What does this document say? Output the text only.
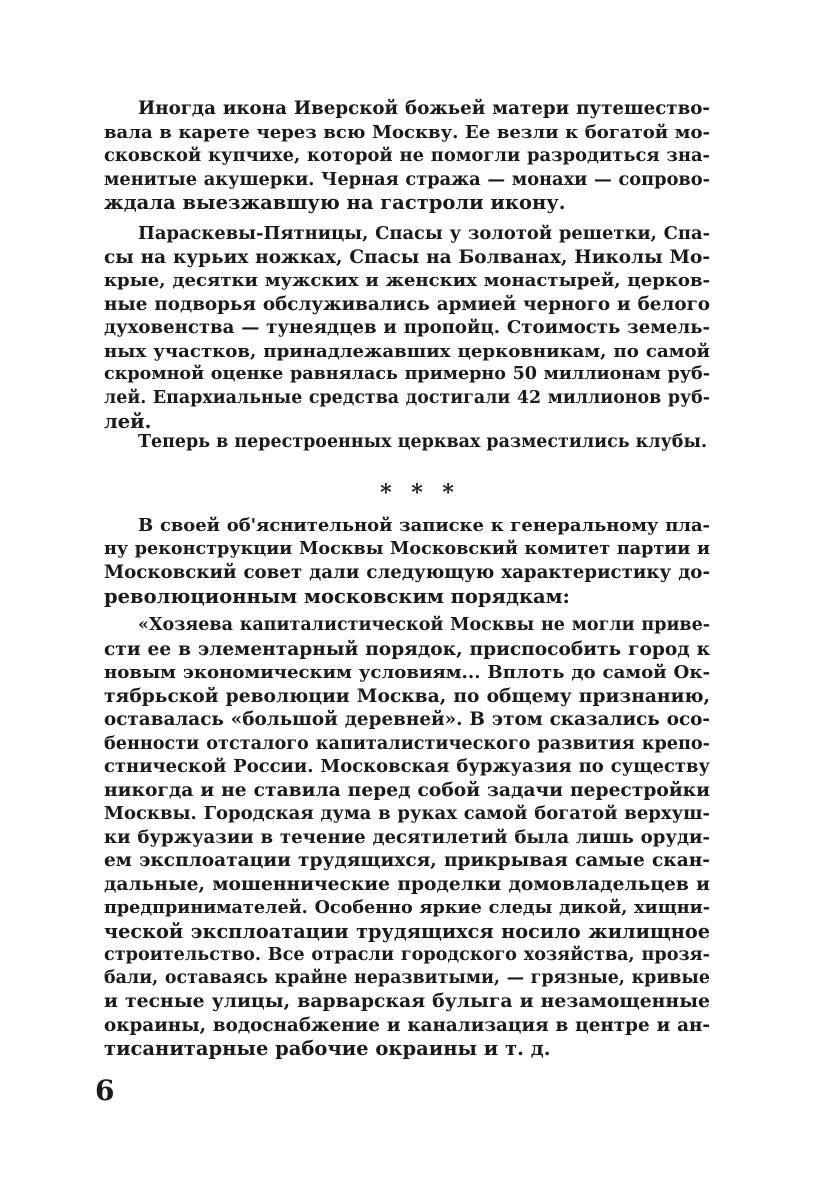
Иногда икона Иверской божьей матери путешество-
вала в карете через всю Москву. Ее везли к богатой мо-
сковской купчихе, которой не помогли разродиться зна-
менитые акушерки. Черная стража — монахи — сопрово-
ждала выезжавшую на гастроли икону.
Параскевы-Пятницы, Спасы у золотой решетки, Спа-
сы на курьих ножках, Спасы на Болванах, Николы Мо-
крые, десятки мужских и женских монастырей, церков-
ные подворья обслуживались армией черного и белого
духовенства — тунеядцев и пропойц. Стоимость земель-
ных участков, принадлежавших церковникам, по самой
скромной оценке равнялась примерно 50 миллионам руб-
лей. Епархиальные средства достигали 42 миллионов руб-
лей.
Теперь в перестроенных церквах разместились клубы.
* * *
В своей об'яснительной записке к генеральному пла-
ну реконструкции Москвы Московский комитет партии и
Московский совет дали следующую характеристику до-
революционным московским порядкам:
«Хозяева капиталистической Москвы не могли приве-
сти ее в элементарный порядок, приспособить город к
новым экономическим условиям... Вплоть до самой Ок-
тябрьской революции Москва, по общему признанию,
оставалась «большой деревней». В этом сказались осо-
бенности отсталого капиталистического развития крепо-
стнической России. Московская буржуазия по существу
никогда и не ставила перед собой задачи перестройки
Москвы. Городская дума в руках самой богатой верхуш-
ки буржуазии в течение десятилетий была лишь оруди-
ем эксплоатации трудящихся, прикрывая самые скан-
дальные, мошеннические проделки домовладельцев и
предпринимателей. Особенно яркие следы дикой, хищни-
ческой эксплоатации трудящихся носило жилищное
строительство. Все отрасли городского хозяйства, прозя-
бали, оставаясь крайне неразвитыми, — грязные, кривые
и тесные улицы, варварская булыга и незамощенные
окраины, водоснабжение и канализация в центре и ан-
тисанитарные рабочие окраины и т. д.
6
